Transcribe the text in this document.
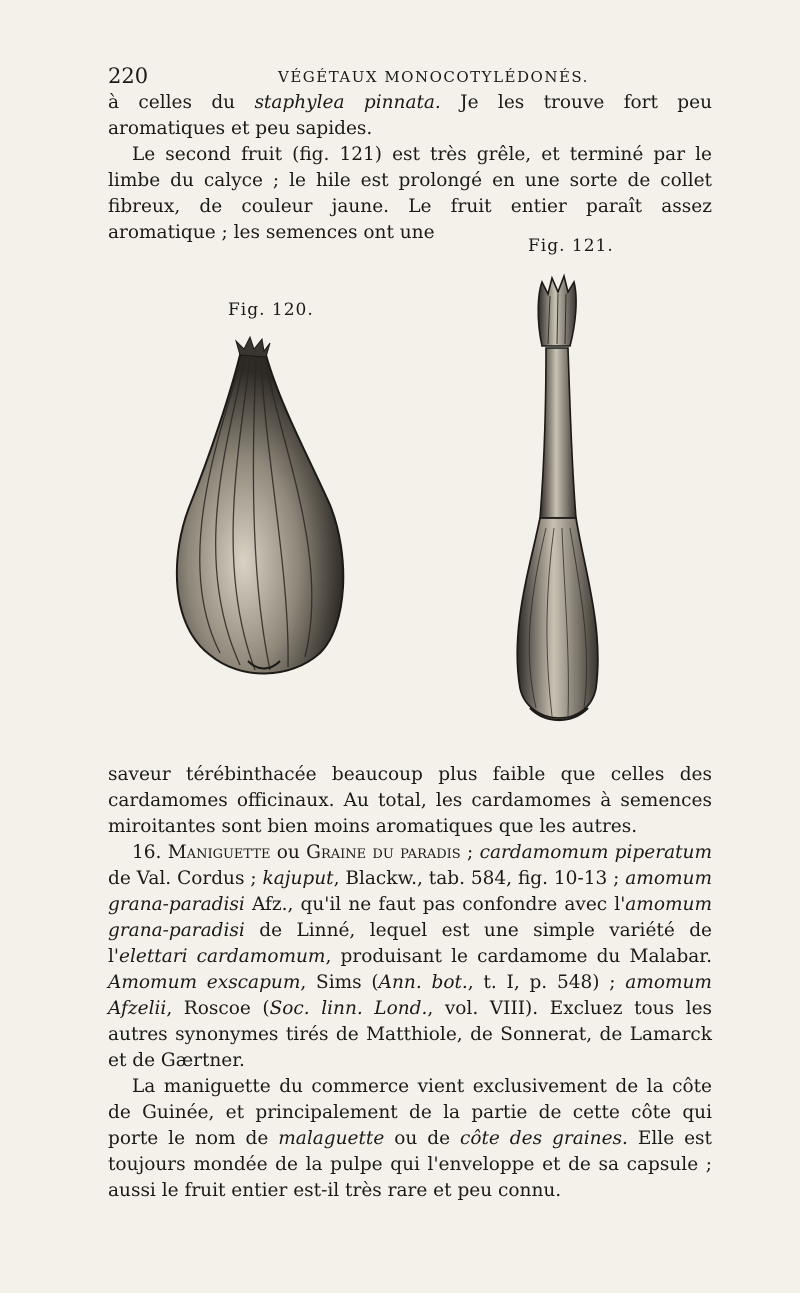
220	VÉGÉTAUX MONOCOTYLÉDONÉS.

à celles du staphylea pinnata. Je les trouve fort peu aromatiques et peu sapides.

Le second fruit (fig. 121) est très grêle, et terminé par le limbe du calyce ; le hile est prolongé en une sorte de collet fibreux, de couleur jaune. Le fruit entier paraît assez aromatique ; les semences ont une

Fig. 120.
Fig. 121.

saveur térébinthacée beaucoup plus faible que celles des cardamomes officinaux. Au total, les cardamomes à semences miroitantes sont bien moins aromatiques que les autres.

16. Maniguette ou Graine du paradis ; cardamomum piperatum de Val. Cordus ; kajuput, Blackw., tab. 584, fig. 10-13 ; amomum grana-paradisi Afz., qu'il ne faut pas confondre avec l'amomum grana-paradisi de Linné, lequel est une simple variété de l'elettari cardamomum, produisant le cardamome du Malabar. Amomum exscapum, Sims (Ann. bot., t. I, p. 548) ; amomum Afzelii, Roscoe (Soc. linn. Lond., vol. VIII). Excluez tous les autres synonymes tirés de Matthiole, de Sonnerat, de Lamarck et de Gærtner.

La maniguette du commerce vient exclusivement de la côte de Guinée, et principalement de la partie de cette côte qui porte le nom de malaguette ou de côte des graines. Elle est toujours mondée de la pulpe qui l'enveloppe et de sa capsule ; aussi le fruit entier est-il très rare et peu connu.
